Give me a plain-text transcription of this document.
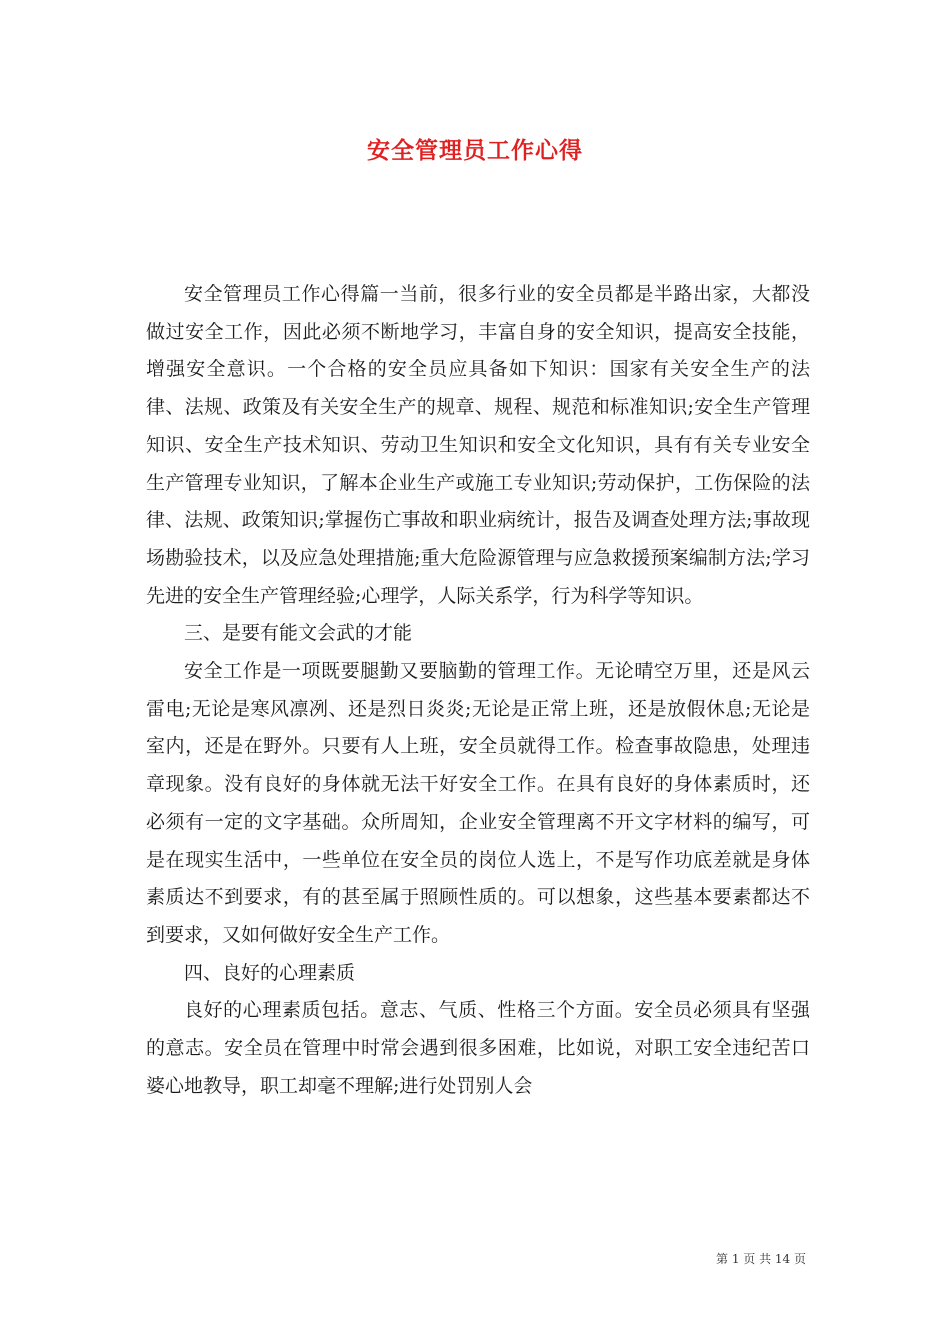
安全管理员工作心得

安全管理员工作心得篇一当前，很多行业的安全员都是半路出家，大都没做过安全工作，因此必须不断地学习，丰富自身的安全知识，提高安全技能，增强安全意识。一个合格的安全员应具备如下知识：国家有关安全生产的法律、法规、政策及有关安全生产的规章、规程、规范和标准知识;安全生产管理知识、安全生产技术知识、劳动卫生知识和安全文化知识，具有有关专业安全生产管理专业知识，了解本企业生产或施工专业知识;劳动保护，工伤保险的法律、法规、政策知识;掌握伤亡事故和职业病统计，报告及调查处理方法;事故现场勘验技术，以及应急处理措施;重大危险源管理与应急救援预案编制方法;学习先进的安全生产管理经验;心理学，人际关系学，行为科学等知识。

三、是要有能文会武的才能

安全工作是一项既要腿勤又要脑勤的管理工作。无论晴空万里，还是风云雷电;无论是寒风凛冽、还是烈日炎炎;无论是正常上班，还是放假休息;无论是室内，还是在野外。只要有人上班，安全员就得工作。检查事故隐患，处理违章现象。没有良好的身体就无法干好安全工作。在具有良好的身体素质时，还必须有一定的文字基础。众所周知，企业安全管理离不开文字材料的编写，可是在现实生活中，一些单位在安全员的岗位人选上，不是写作功底差就是身体素质达不到要求，有的甚至属于照顾性质的。可以想象，这些基本要素都达不到要求，又如何做好安全生产工作。

四、良好的心理素质

良好的心理素质包括。意志、气质、性格三个方面。安全员必须具有坚强的意志。安全员在管理中时常会遇到很多困难，比如说，对职工安全违纪苦口婆心地教导，职工却毫不理解;进行处罚别人会

第 1 页 共 14 页
